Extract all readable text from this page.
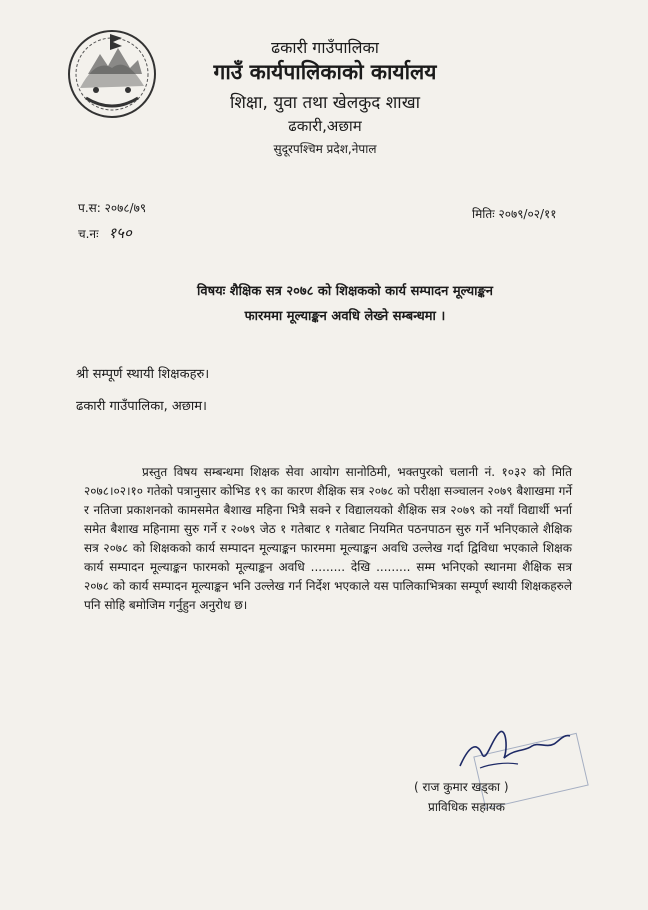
ढकारी गाउँपालिका
गाउँ कार्यपालिकाको कार्यालय
शिक्षा, युवा तथा खेलकुद शाखा
ढकारी,अछाम
सुदूरपश्चिम प्रदेश,नेपाल
प.स: २०७८/७९
च.नः १५०
मितिः २०७९/०२/११
विषयः शैक्षिक सत्र २०७८ को शिक्षकको कार्य सम्पादन मूल्याङ्कन
फारममा मूल्याङ्कन अवधि लेख्ने सम्बन्धमा ।
श्री सम्पूर्ण स्थायी शिक्षकहरु।
ढकारी गाउँपालिका, अछाम।
प्रस्तुत विषय सम्बन्धमा शिक्षक सेवा आयोग सानोठिमी, भक्तपुरको चलानी नं. १०३२ को मिति २०७८।०२।१० गतेको पत्रानुसार कोभिड १९ का कारण शैक्षिक सत्र २०७८ को परीक्षा सञ्चालन २०७९ बैशाखमा गर्ने र नतिजा प्रकाशनको कामसमेत बैशाख महिना भित्रै सक्ने र विद्यालयको शैक्षिक सत्र २०७९ को नयाँ विद्यार्थी भर्ना समेत बैशाख महिनामा सुरु गर्ने र २०७९ जेठ १ गतेबाट १ गतेबाट नियमित पठनपाठन सुरु गर्ने भनिएकाले शैक्षिक सत्र २०७८ को शिक्षकको कार्य सम्पादन मूल्याङ्कन फारममा मूल्याङ्कन अवधि उल्लेख गर्दा द्विविधा भएकाले शिक्षक कार्य सम्पादन मूल्याङ्कन फारमको मूल्याङ्कन अवधि ......... देखि ......... सम्म भनिएको स्थानमा शैक्षिक सत्र २०७८ को कार्य सम्पादन मूल्याङ्कन भनि उल्लेख गर्न निर्देश भएकाले यस पालिकाभित्रका सम्पूर्ण स्थायी शिक्षकहरुले पनि सोहि बमोजिम गर्नुहुन अनुरोध छ।
( राज कुमार खड्का )
प्राविधिक सहायक
